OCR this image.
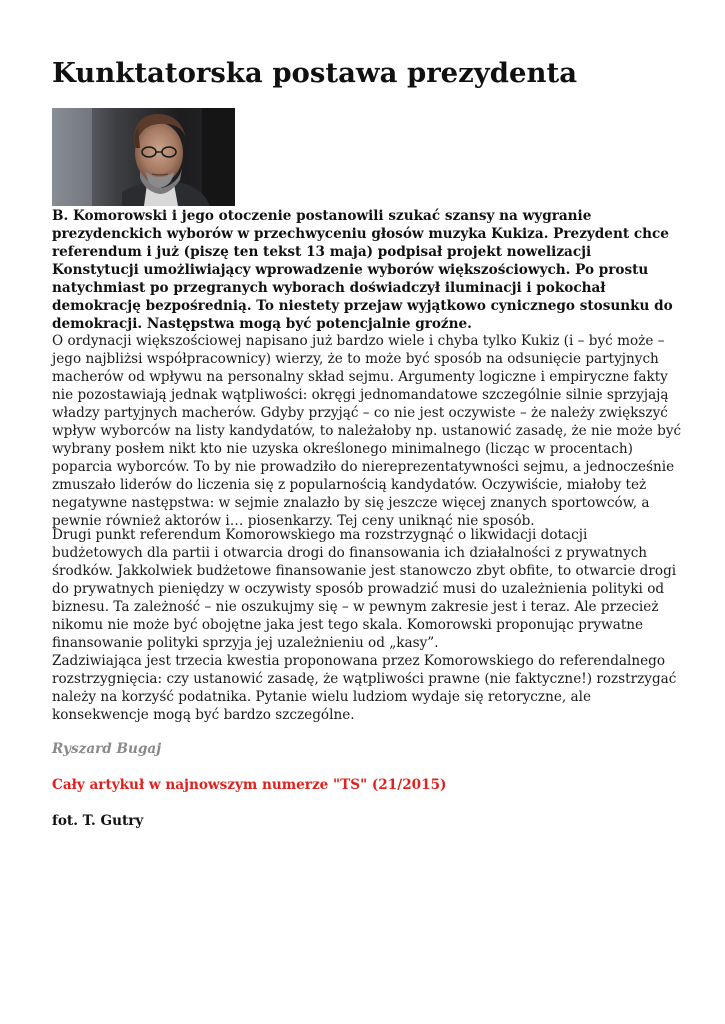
Kunktatorska postawa prezydenta

B. Komorowski i jego otoczenie postanowili szukać szansy na wygranie prezydenckich wyborów w przechwyceniu głosów muzyka Kukiza. Prezydent chce referendum i już (piszę ten tekst 13 maja) podpisał projekt nowelizacji Konstytucji umożliwiający wprowadzenie wyborów większościowych. Po prostu natychmiast po przegranych wyborach doświadczył iluminacji i pokochał demokrację bezpośrednią. To niestety przejaw wyjątkowo cynicznego stosunku do demokracji. Następstwa mogą być potencjalnie groźne.

O ordynacji większościowej napisano już bardzo wiele i chyba tylko Kukiz (i – być może – jego najbliżsi współpracownicy) wierzy, że to może być sposób na odsunięcie partyjnych macherów od wpływu na personalny skład sejmu. Argumenty logiczne i empiryczne fakty nie pozostawiają jednak wątpliwości: okręgi jednomandatowe szczególnie silnie sprzyjają władzy partyjnych macherów. Gdyby przyjąć – co nie jest oczywiste – że należy zwiększyć wpływ wyborców na listy kandydatów, to należałoby np. ustanowić zasadę, że nie może być wybrany posłem nikt kto nie uzyska określonego minimalnego (licząc w procentach) poparcia wyborców. To by nie prowadziło do niereprezentatywności sejmu, a jednocześnie zmuszało liderów do liczenia się z popularnością kandydatów. Oczywiście, miałoby też negatywne następstwa: w sejmie znalazło by się jeszcze więcej znanych sportowców, a pewnie również aktorów i… piosenkarzy. Tej ceny uniknąć nie sposób.

Drugi punkt referendum Komorowskiego ma rozstrzygnąć o likwidacji dotacji budżetowych dla partii i otwarcia drogi do finansowania ich działalności z prywatnych środków. Jakkolwiek budżetowe finansowanie jest stanowczo zbyt obfite, to otwarcie drogi do prywatnych pieniędzy w oczywisty sposób prowadzić musi do uzależnienia polityki od biznesu. Ta zależność – nie oszukujmy się – w pewnym zakresie jest i teraz. Ale przecież nikomu nie może być obojętne jaka jest tego skala. Komorowski proponując prywatne finansowanie polityki sprzyja jej uzależnieniu od „kasy”.

Zadziwiająca jest trzecia kwestia proponowana przez Komorowskiego do referendalnego rozstrzygnięcia: czy ustanowić zasadę, że wątpliwości prawne (nie faktyczne!) rozstrzygać należy na korzyść podatnika. Pytanie wielu ludziom wydaje się retoryczne, ale konsekwencje mogą być bardzo szczególne.

Ryszard Bugaj

Cały artykuł w najnowszym numerze "TS" (21/2015)

fot. T. Gutry
